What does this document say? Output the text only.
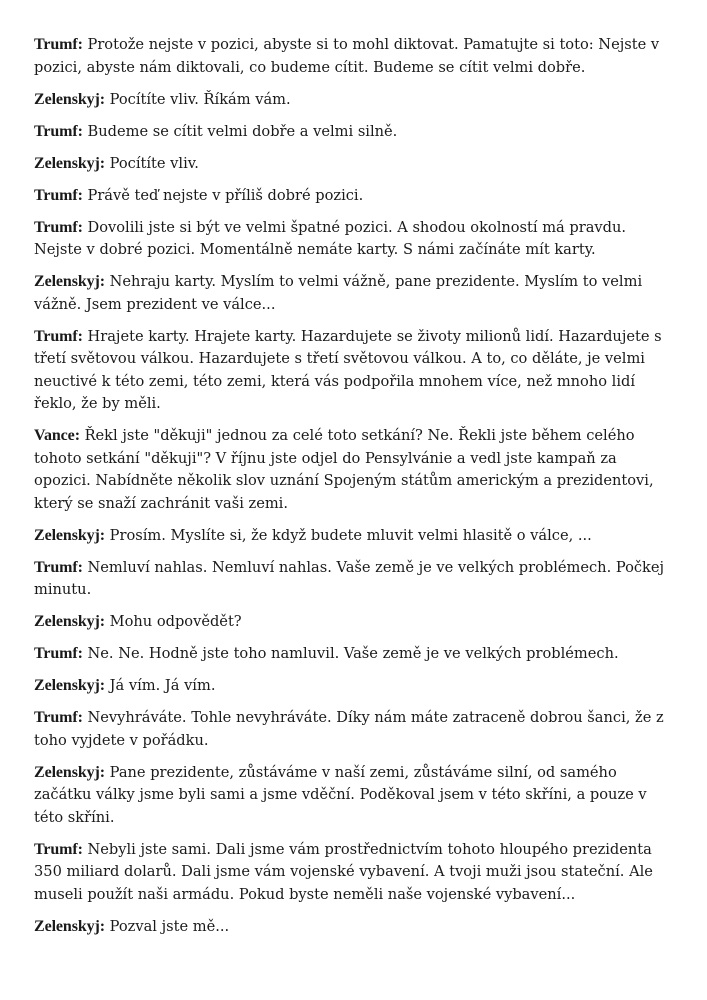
Trumf: Protože nejste v pozici, abyste si to mohl diktovat. Pamatujte si toto: Nejste v pozici, abyste nám diktovali, co budeme cítit. Budeme se cítit velmi dobře.

Zelenskyj: Pocítíte vliv. Říkám vám.

Trumf: Budeme se cítit velmi dobře a velmi silně.

Zelenskyj: Pocítíte vliv.

Trumf: Právě teď nejste v příliš dobré pozici.

Trumf: Dovolili jste si být ve velmi špatné pozici. A shodou okolností má pravdu. Nejste v dobré pozici. Momentálně nemáte karty. S námi začínáte mít karty.

Zelenskyj: Nehraju karty. Myslím to velmi vážně, pane prezidente. Myslím to velmi vážně. Jsem prezident ve válce...

Trumf: Hrajete karty. Hrajete karty. Hazardujete se životy milionů lidí. Hazardujete s třetí světovou válkou. Hazardujete s třetí světovou válkou. A to, co děláte, je velmi neuctivé k této zemi, této zemi, která vás podpořila mnohem více, než mnoho lidí řeklo, že by měli.

Vance: Řekl jste "děkuji" jednou za celé toto setkání? Ne. Řekli jste během celého tohoto setkání "děkuji"? V říjnu jste odjel do Pensylvánie a vedl jste kampaň za opozici. Nabídněte několik slov uznání Spojeným státům americkým a prezidentovi, který se snaží zachránit vaši zemi.

Zelenskyj: Prosím. Myslíte si, že když budete mluvit velmi hlasitě o válce, ...

Trumf: Nemluví nahlas. Nemluví nahlas. Vaše země je ve velkých problémech. Počkej minutu.

Zelenskyj: Mohu odpovědět?

Trumf: Ne. Ne. Hodně jste toho namluvil. Vaše země je ve velkých problémech.

Zelenskyj: Já vím. Já vím.

Trumf: Nevyhráváte. Tohle nevyhráváte. Díky nám máte zatraceně dobrou šanci, že z toho vyjdete v pořádku.

Zelenskyj: Pane prezidente, zůstáváme v naší zemi, zůstáváme silní, od samého začátku války jsme byli sami a jsme vděční. Poděkoval jsem v této skříni, a pouze v této skříni.

Trumf: Nebyli jste sami. Dali jsme vám prostřednictvím tohoto hloupého prezidenta 350 miliard dolarů. Dali jsme vám vojenské vybavení. A tvoji muži jsou stateční. Ale museli použít naši armádu. Pokud byste neměli naše vojenské vybavení...

Zelenskyj: Pozval jste mě...
